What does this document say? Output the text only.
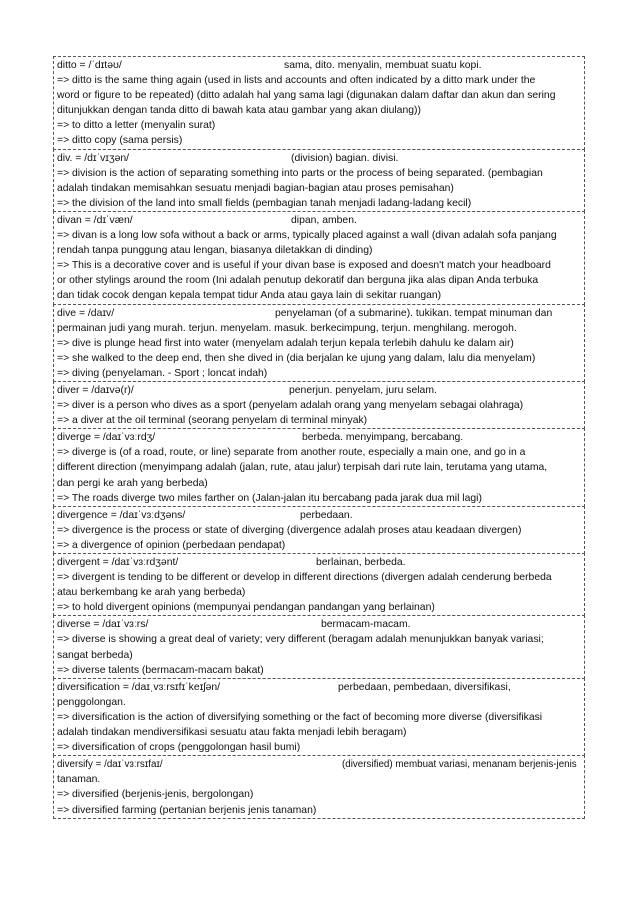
ditto = /ˈdɪtəʊ/	sama, dito. menyalin, membuat suatu kopi.
=> ditto is the same thing again (used in lists and accounts and often indicated by a ditto mark under the
word or figure to be repeated) (ditto adalah hal yang sama lagi (digunakan dalam daftar dan akun dan sering
ditunjukkan dengan tanda ditto di bawah kata atau gambar yang akan diulang))
=> to ditto a letter (menyalin surat)
=> ditto copy (sama persis)
div. = /dɪˈvɪʒən/	(division) bagian. divisi.
=> division is the action of separating something into parts or the process of being separated. (pembagian
adalah tindakan memisahkan sesuatu menjadi bagian-bagian atau proses pemisahan)
=> the division of the land into small fields (pembagian tanah menjadi ladang-ladang kecil)
divan = /dɪˈvæn/	dipan, amben.
=> divan is a long low sofa without a back or arms, typically placed against a wall (divan adalah sofa panjang
rendah tanpa punggung atau lengan, biasanya diletakkan di dinding)
=> This is a decorative cover and is useful if your divan base is exposed and doesn't match your headboard
or other stylings around the room (Ini adalah penutup dekoratif dan berguna jika alas dipan Anda terbuka
dan tidak cocok dengan kepala tempat tidur Anda atau gaya lain di sekitar ruangan)
dive = /daɪv/	penyelaman (of a submarine). tukikan. tempat minuman dan
permainan judi yang murah. terjun. menyelam. masuk. berkecimpung, terjun. menghilang. merogoh.
=> dive is plunge head first into water (menyelam adalah terjun kepala terlebih dahulu ke dalam air)
=> she walked to the deep end, then she dived in (dia berjalan ke ujung yang dalam, lalu dia menyelam)
=> diving (penyelaman. - Sport ; loncat indah)
diver = /daɪvə(r)/	penerjun. penyelam, juru selam.
=> diver is a person who dives as a sport (penyelam adalah orang yang menyelam sebagai olahraga)
=> a diver at the oil terminal (seorang penyelam di terminal minyak)
diverge = /daɪˈvɜːrdʒ/	berbeda. menyimpang, bercabang.
=> diverge is (of a road, route, or line) separate from another route, especially a main one, and go in a
different direction (menyimpang adalah (jalan, rute, atau jalur) terpisah dari rute lain, terutama yang utama,
dan pergi ke arah yang berbeda)
=> The roads diverge two miles farther on (Jalan-jalan itu bercabang pada jarak dua mil lagi)
divergence = /daɪˈvɜːdʒəns/	perbedaan.
=> divergence is the process or state of diverging (divergence adalah proses atau keadaan divergen)
=> a divergence of opinion (perbedaan pendapat)
divergent = /daɪˈvɜːrdʒənt/	berlainan, berbeda.
=> divergent is tending to be different or develop in different directions (divergen adalah cenderung berbeda
atau berkembang ke arah yang berbeda)
=> to hold divergent opinions (mempunyai pendangan pandangan yang berlainan)
diverse = /daɪˈvɜːrs/	bermacam-macam.
=> diverse is showing a great deal of variety; very different (beragam adalah menunjukkan banyak variasi;
sangat berbeda)
=> diverse talents (bermacam-macam bakat)
diversification = /daɪˌvɜːrsɪfɪˈkeɪʃən/	perbedaan, pembedaan, diversifikasi,
penggolongan.
=> diversification is the action of diversifying something or the fact of becoming more diverse (diversifikasi
adalah tindakan mendiversifikasi sesuatu atau fakta menjadi lebih beragam)
=> diversification of crops (penggolongan hasil bumi)
diversify = /daɪˈvɜːrsɪfaɪ/	(diversified) membuat variasi, menanam berjenis-jenis
tanaman.
=> diversified (berjenis-jenis, bergolongan)
=> diversified farming (pertanian berjenis jenis tanaman)
